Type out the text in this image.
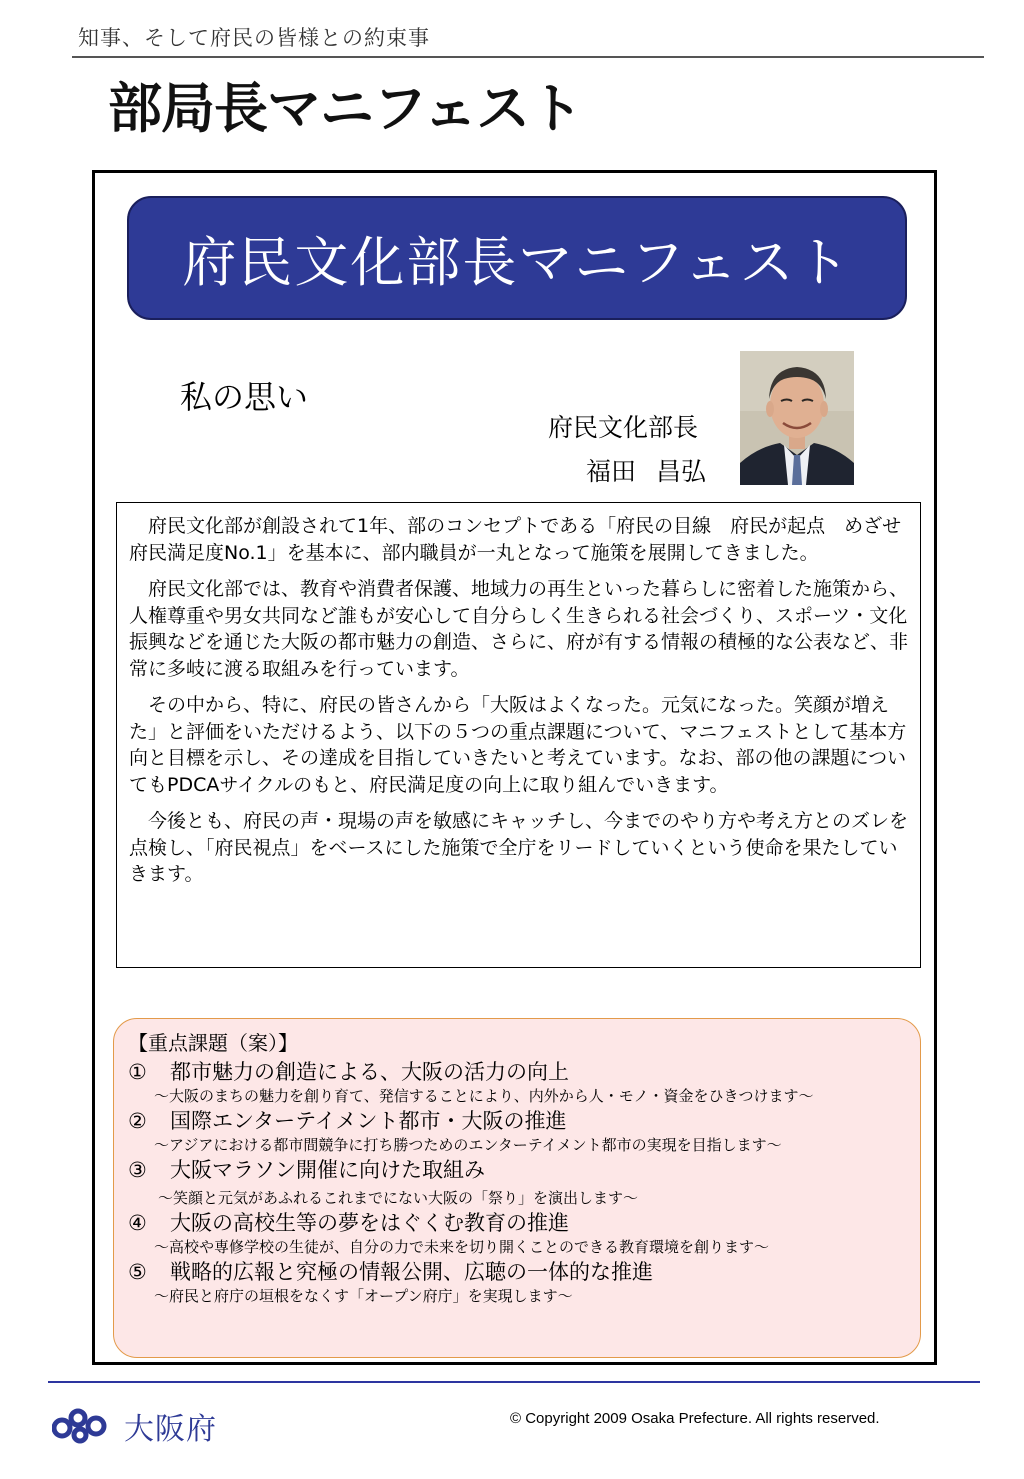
知事、そして府民の皆様との約束事
部局長マニフェスト
府民文化部長マニフェスト
私の思い
府民文化部長
福田 昌弘

府民文化部が創設されて1年、部のコンセプトである「府民の目線　府民が起点　めざせ府民満足度No.1」を基本に、部内職員が一丸となって施策を展開してきました。

府民文化部では、教育や消費者保護、地域力の再生といった暮らしに密着した施策から、人権尊重や男女共同など誰もが安心して自分らしく生きられる社会づくり、スポーツ・文化振興などを通じた大阪の都市魅力の創造、さらに、府が有する情報の積極的な公表など、非常に多岐に渡る取組みを行っています。

その中から、特に、府民の皆さんから「大阪はよくなった。元気になった。笑顔が増えた」と評価をいただけるよう、以下の５つの重点課題について、マニフェストとして基本方向と目標を示し、その達成を目指していきたいと考えています。なお、部の他の課題についてもPDCAサイクルのもと、府民満足度の向上に取り組んでいきます。

今後とも、府民の声・現場の声を敏感にキャッチし、今までのやり方や考え方とのズレを点検し、「府民視点」をベースにした施策で全庁をリードしていくという使命を果たしていきます。

【重点課題（案）】
①	都市魅力の創造による、大阪の活力の向上
～大阪のまちの魅力を創り育て、発信することにより、内外から人・モノ・資金をひきつけます～
②	国際エンターテイメント都市・大阪の推進
～アジアにおける都市間競争に打ち勝つためのエンターテイメント都市の実現を目指します～
③	大阪マラソン開催に向けた取組み
～笑顔と元気があふれるこれまでにない大阪の「祭り」を演出します～
④	大阪の高校生等の夢をはぐくむ教育の推進
～高校や専修学校の生徒が、自分の力で未来を切り開くことのできる教育環境を創ります～
⑤	戦略的広報と究極の情報公開、広聴の一体的な推進
～府民と府庁の垣根をなくす「オープン府庁」を実現します～
大阪府	© Copyright 2009 Osaka Prefecture. All rights reserved.
